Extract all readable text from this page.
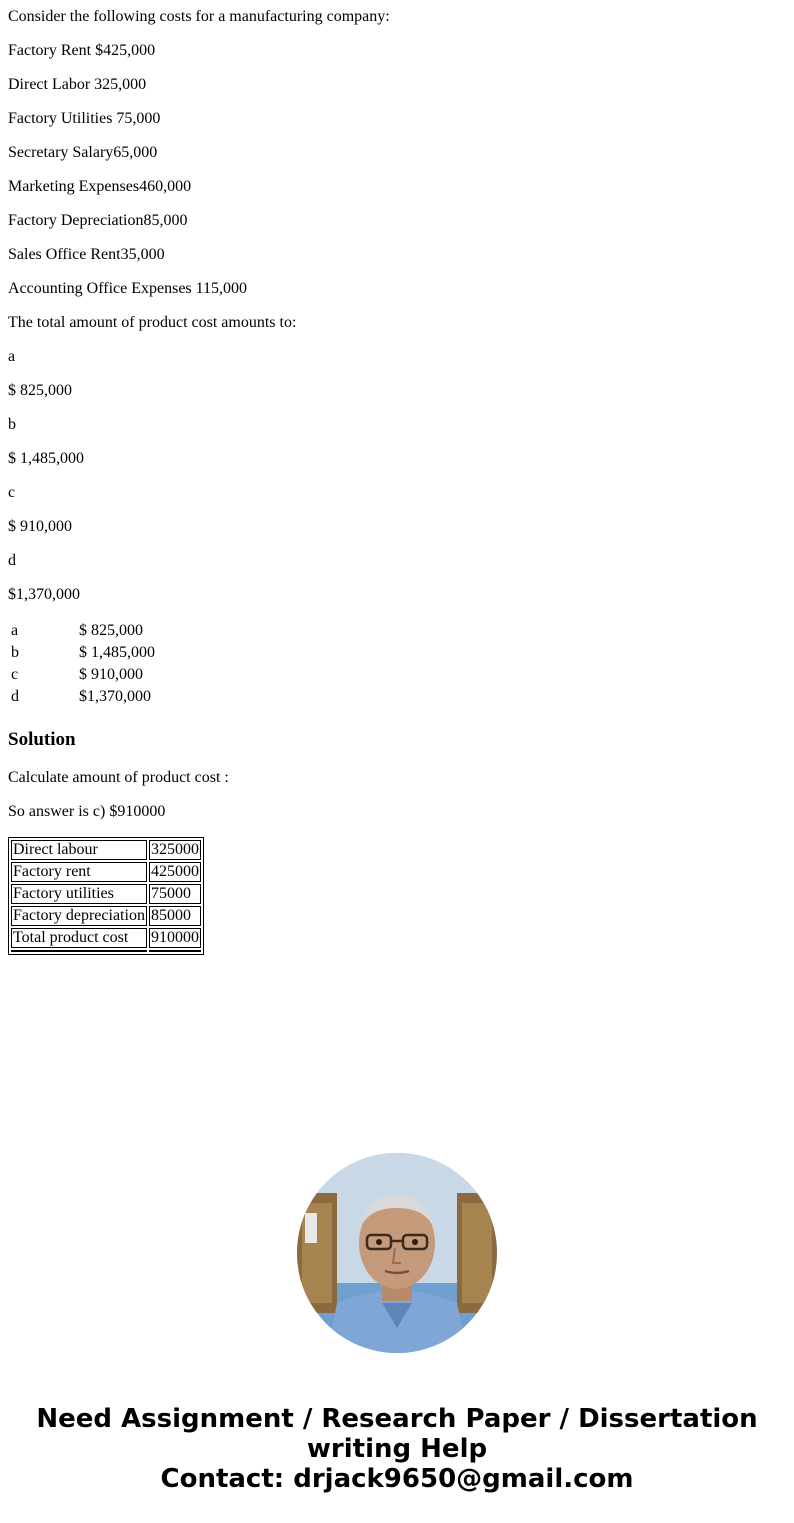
Consider the following costs for a manufacturing company:

Factory Rent $425,000

Direct Labor 325,000

Factory Utilities 75,000

Secretary Salary65,000

Marketing Expenses460,000

Factory Depreciation85,000

Sales Office Rent35,000

Accounting Office Expenses 115,000

The total amount of product cost amounts to:

a

$ 825,000

b

$ 1,485,000

c

$ 910,000

d

$1,370,000

a	$ 825,000
b	$ 1,485,000
c	$ 910,000
d	$1,370,000
Solution

Calculate amount of product cost :

So answer is c) $910000

Direct labour	325000
Factory rent	425000
Factory utilities	75000
Factory depreciation	85000
Total product cost	910000

Need Assignment / Research Paper / Dissertation
writing Help
Contact: drjack9650@gmail.com
